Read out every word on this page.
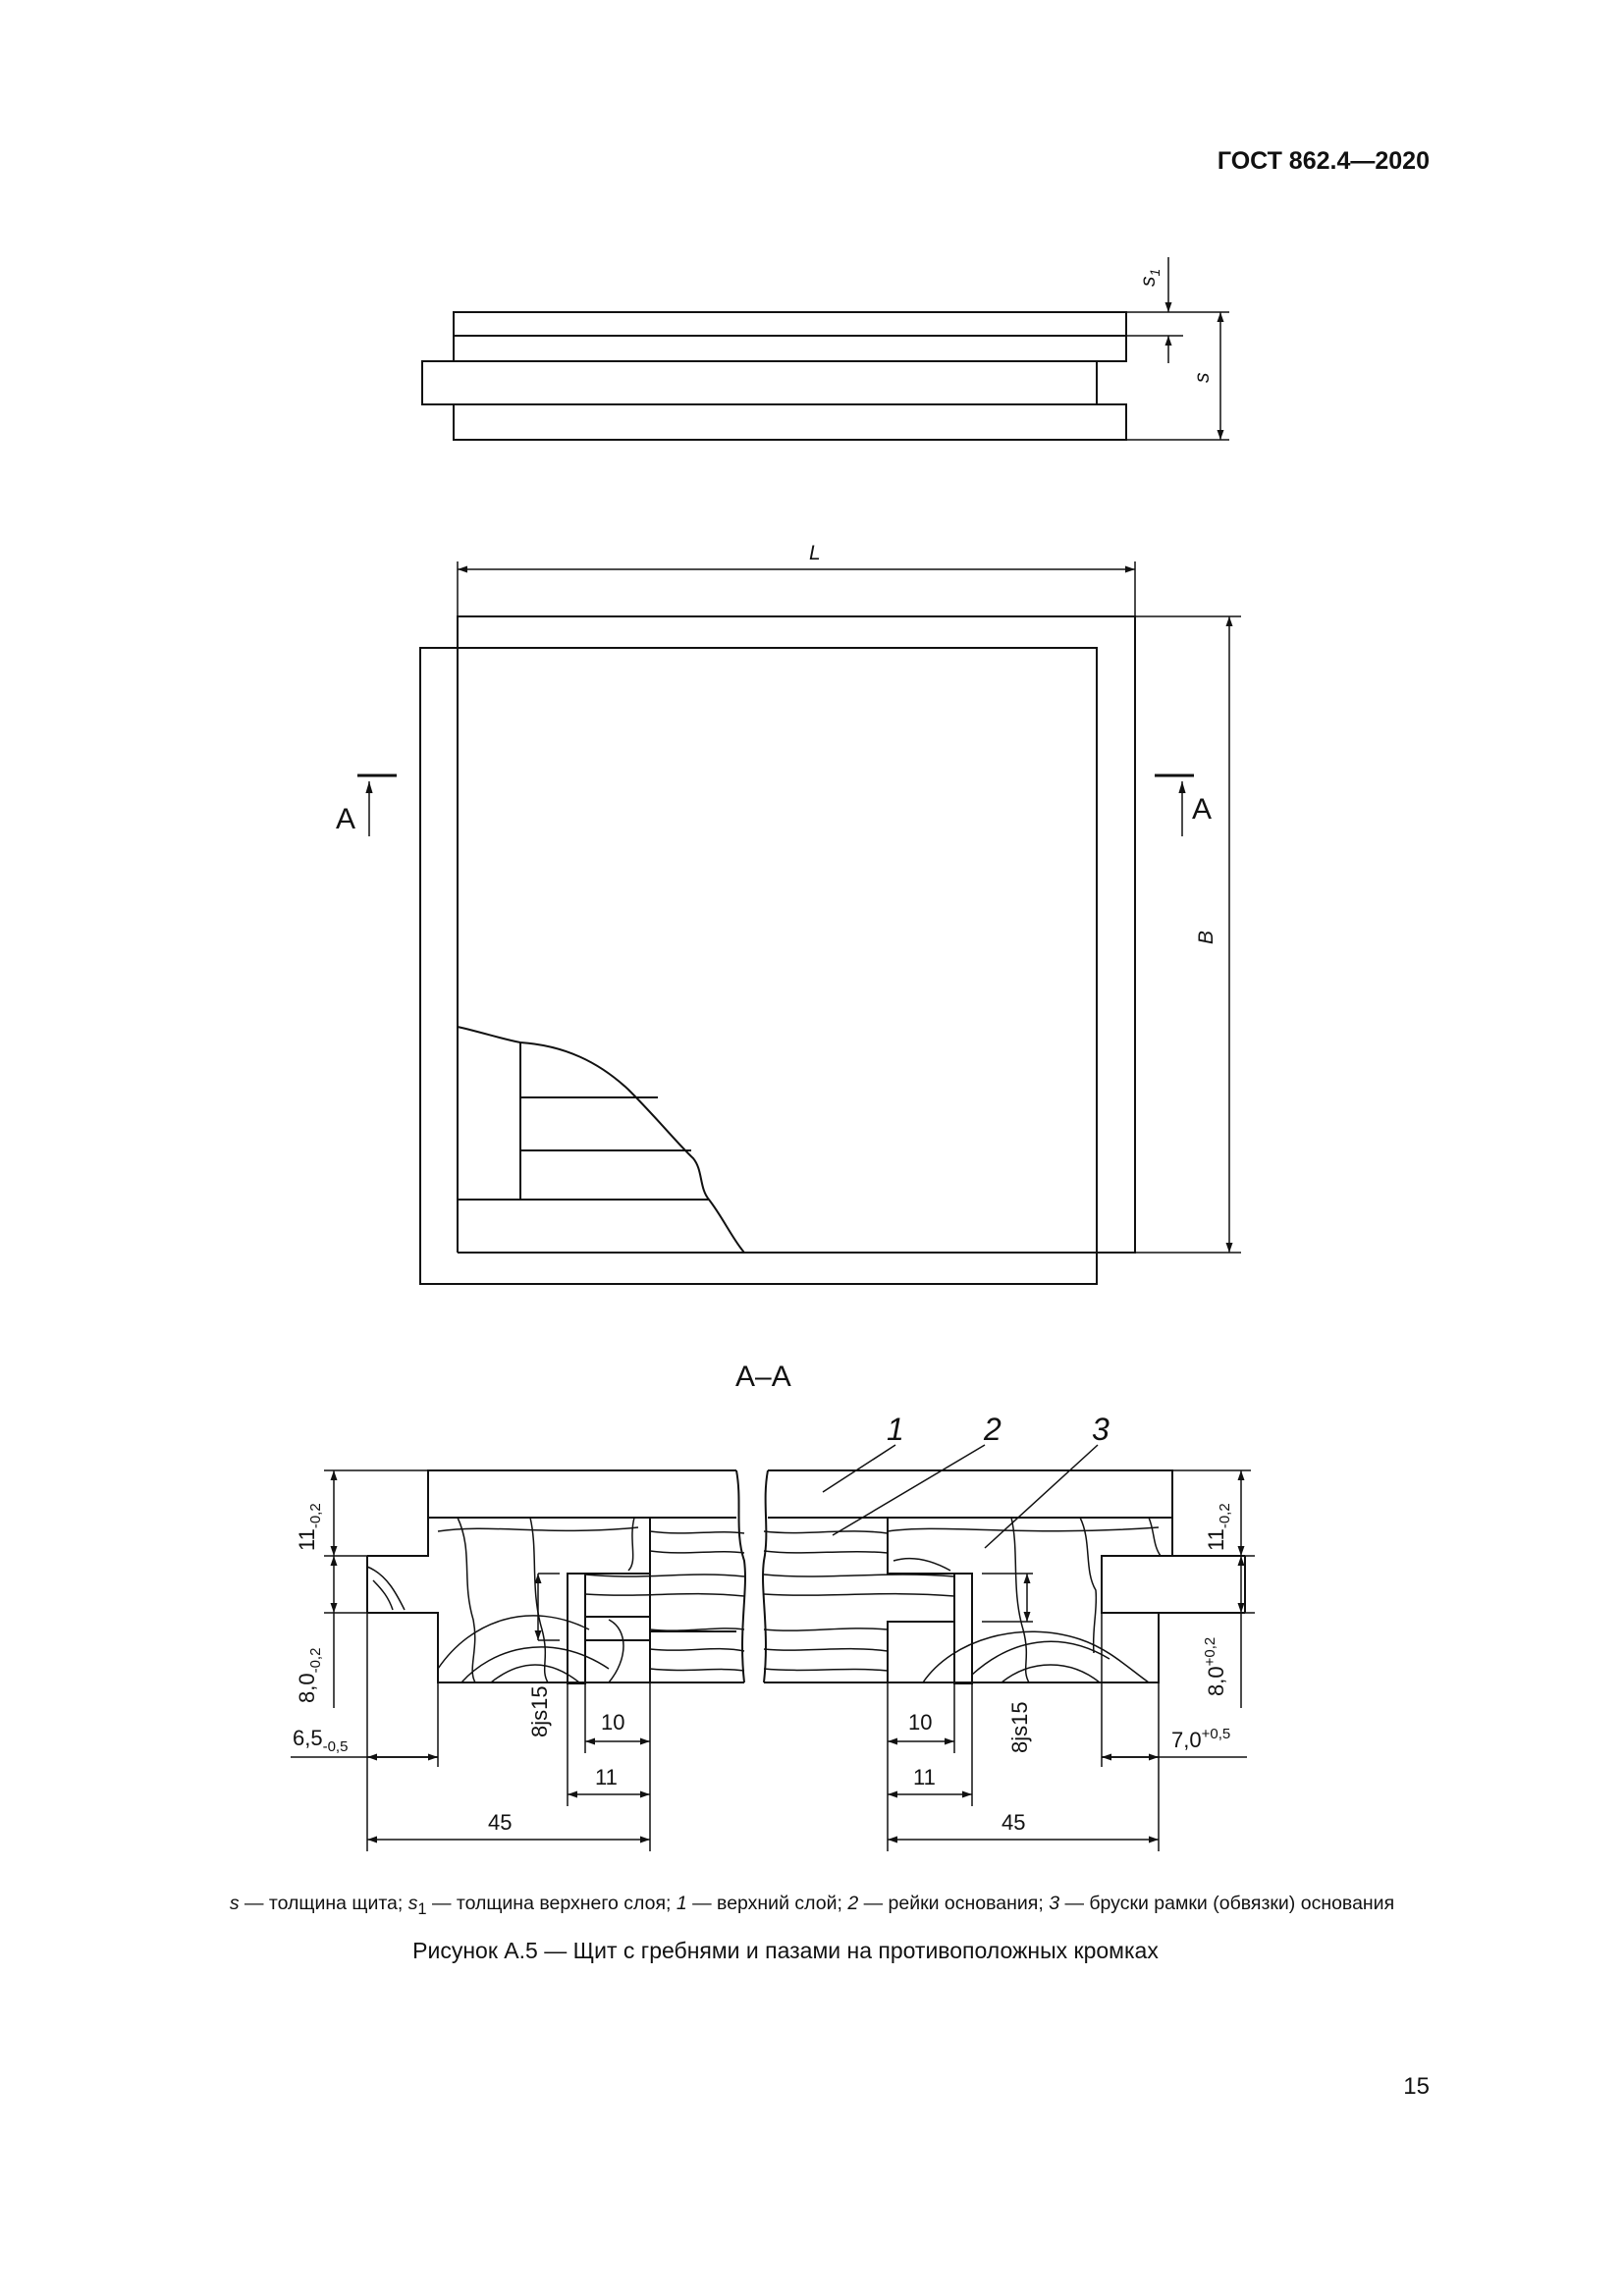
ГОСТ 862.4—2020
$s_1$
s
L
B
А	А
А–А
1	2	3
$11_{-0,2}$
$8,0_{-0,2}$
$6,5_{-0,5}$
8js15 10
11
45
$11_{-0,2}$
$8,0^{+0,2}$
$7,0^{+0,5}$
8js15
10
11
45
s — толщина щита; $s_1$ — толщина верхнего слоя; 1 — верхний слой; 2 — рейки основания; 3 — бруски рамки (обвязки) основания
Рисунок А.5 — Щит с гребнями и пазами на противоположных кромках
15
